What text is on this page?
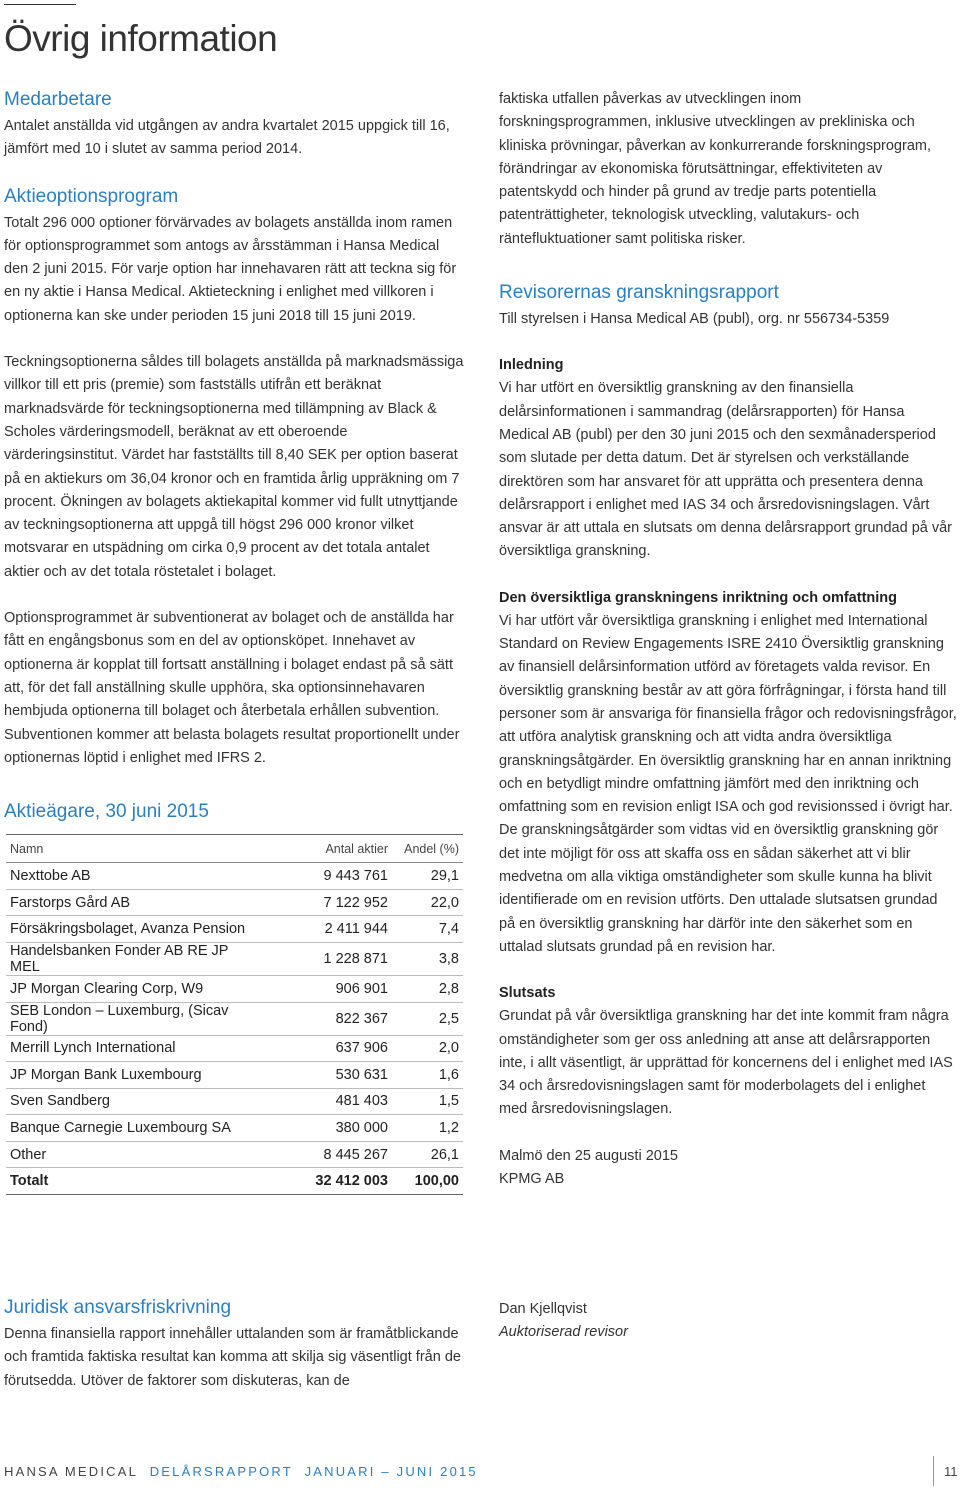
Övrig information
Medarbetare

Antalet anställda vid utgången av andra kvartalet 2015 uppgick till 16, jämfört med 10 i slutet av samma period 2014.

Aktieoptionsprogram

Totalt 296 000 optioner förvärvades av bolagets anställda inom ramen för optionsprogrammet som antogs av årsstämman i Hansa Medical den 2 juni 2015. För varje option har innehavaren rätt att teckna sig för en ny aktie i Hansa Medical. Aktieteckning i enlighet med villkoren i optionerna kan ske under perioden 15 juni 2018 till 15 juni 2019.

Teckningsoptionerna såldes till bolagets anställda på marknadsmässiga villkor till ett pris (premie) som fastställs utifrån ett beräknat marknadsvärde för teckningsoptionerna med tillämpning av Black & Scholes värderingsmodell, beräknat av ett oberoende värderingsinstitut. Värdet har fastställts till 8,40 SEK per option baserat på en aktiekurs om 36,04 kronor och en framtida årlig uppräkning om 7 procent. Ökningen av bolagets aktiekapital kommer vid fullt utnyttjande av teckningsoptionerna att uppgå till högst 296 000 kronor vilket motsvarar en utspädning om cirka 0,9 procent av det totala antalet aktier och av det totala röstetalet i bolaget.

Optionsprogrammet är subventionerat av bolaget och de anställda har fått en engångsbonus som en del av optionsköpet. Innehavet av optionerna är kopplat till fortsatt anställning i bolaget endast på så sätt att, för det fall anställning skulle upphöra, ska optionsinnehavaren hembjuda optionerna till bolaget och återbetala erhållen subvention. Subventionen kommer att belasta bolagets resultat proportionellt under optionernas löptid i enlighet med IFRS 2.

Aktieägare, 30 juni 2015
Namn	Antal aktier	Andel (%)
Nexttobe AB	9 443 761	29,1
Farstorps Gård AB	7 122 952	22,0
Försäkringsbolaget, Avanza Pension	2 411 944	7,4
Handelsbanken Fonder AB RE JP MEL	1 228 871	3,8
JP Morgan Clearing Corp, W9	906 901	2,8
SEB London – Luxemburg, (Sicav Fond)	822 367	2,5
Merrill Lynch International	637 906	2,0
JP Morgan Bank Luxembourg	530 631	1,6
Sven Sandberg	481 403	1,5
Banque Carnegie Luxembourg SA	380 000	1,2
Other	8 445 267	26,1
Totalt	32 412 003	100,00

faktiska utfallen påverkas av utvecklingen inom forskningsprogrammen, inklusive utvecklingen av prekliniska och kliniska prövningar, påverkan av konkurrerande forskningsprogram, förändringar av ekonomiska förutsättningar, effektiviteten av patentskydd och hinder på grund av tredje parts potentiella patenträttigheter, teknologisk utveckling, valutakurs- och räntefluktuationer samt politiska risker.

Revisorernas granskningsrapport

Till styrelsen i Hansa Medical AB (publ), org. nr 556734-5359

Inledning

Vi har utfört en översiktlig granskning av den finansiella delårsinformationen i sammandrag (delårsrapporten) för Hansa Medical AB (publ) per den 30 juni 2015 och den sexmånadersperiod som slutade per detta datum. Det är styrelsen och verkställande direktören som har ansvaret för att upprätta och presentera denna delårsrapport i enlighet med IAS 34 och årsredovisningslagen. Vårt ansvar är att uttala en slutsats om denna delårsrapport grundad på vår översiktliga granskning.

Den översiktliga granskningens inriktning och omfattning

Vi har utfört vår översiktliga granskning i enlighet med International Standard on Review Engagements ISRE 2410 Översiktlig granskning av finansiell delårsinformation utförd av företagets valda revisor. En översiktlig granskning består av att göra förfrågningar, i första hand till personer som är ansvariga för finansiella frågor och redovisningsfrågor, att utföra analytisk granskning och att vidta andra översiktliga granskningsåtgärder. En översiktlig granskning har en annan inriktning och en betydligt mindre omfattning jämfört med den inriktning och omfattning som en revision enligt ISA och god revisionssed i övrigt har.

De granskningsåtgärder som vidtas vid en översiktlig granskning gör det inte möjligt för oss att skaffa oss en sådan säkerhet att vi blir medvetna om alla viktiga omständigheter som skulle kunna ha blivit identifierade om en revision utförts. Den uttalade slutsatsen grundad på en översiktlig granskning har därför inte den säkerhet som en uttalad slutsats grundad på en revision har.

Slutsats

Grundat på vår översiktliga granskning har det inte kommit fram några omständigheter som ger oss anledning att anse att delårsrapporten inte, i allt väsentligt, är upprättad för koncernens del i enlighet med IAS 34 och årsredovisningslagen samt för moderbolagets del i enlighet med årsredovisningslagen.

Malmö den 25 augusti 2015

KPMG AB

Juridisk ansvarsfriskrivning

Denna finansiella rapport innehåller uttalanden som är framåtblickande och framtida faktiska resultat kan komma att skilja sig väsentligt från de förutsedda. Utöver de faktorer som diskuteras, kan de

Dan Kjellqvist

Auktoriserad revisor

HANSA MEDICAL DELÅRSRAPPORT JANUARI – JUNI 2015	11
